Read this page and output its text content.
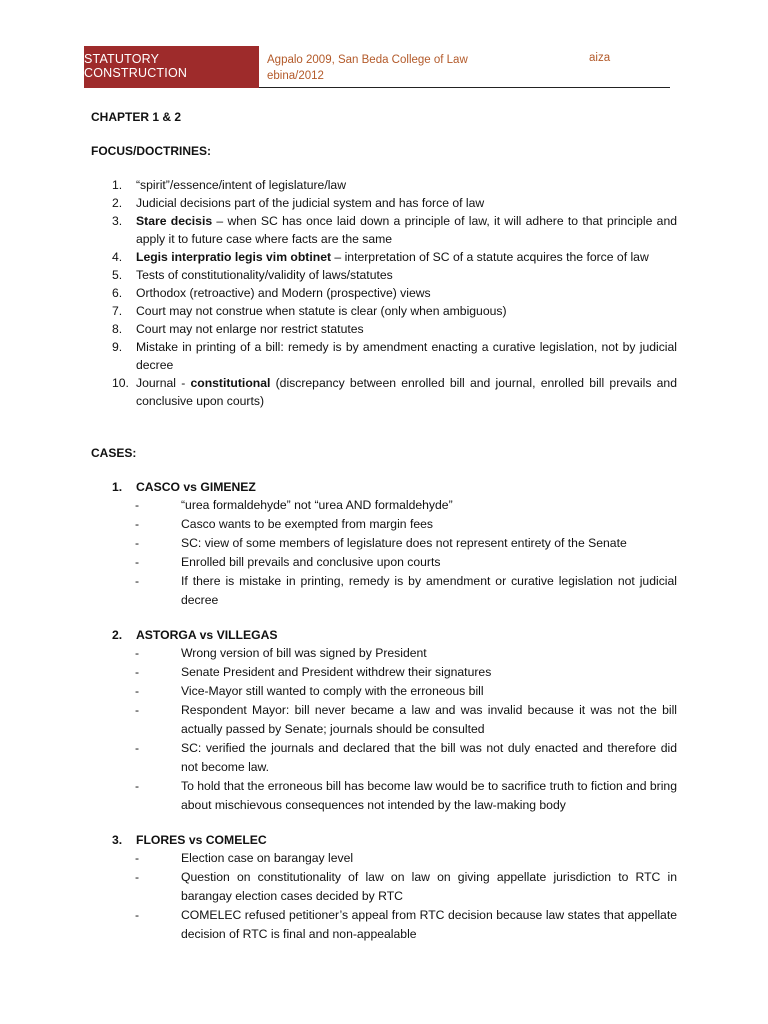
STATUTORY CONSTRUCTION
Agpalo 2009, San Beda College of Law
ebina/2012
aiza
CHAPTER 1 & 2
FOCUS/DOCTRINES:
1.	“spirit”/essence/intent of legislature/law
2.	Judicial decisions part of the judicial system and has force of law
3.	Stare decisis – when SC has once laid down a principle of law, it will adhere to that principle and apply it to future case where facts are the same
4.	Legis interpratio legis vim obtinet – interpretation of SC of a statute acquires the force of law
5.	Tests of constitutionality/validity of laws/statutes
6.	Orthodox (retroactive) and Modern (prospective) views
7.	Court may not construe when statute is clear (only when ambiguous)
8.	Court may not enlarge nor restrict statutes
9.	Mistake in printing of a bill: remedy is by amendment enacting a curative legislation, not by judicial decree
10. Journal - constitutional (discrepancy between enrolled bill and journal, enrolled bill prevails and conclusive upon courts)
CASES:
1. CASCO vs GIMENEZ
-	“urea formaldehyde” not “urea AND formaldehyde”
-	Casco wants to be exempted from margin fees
-	SC: view of some members of legislature does not represent entirety of the Senate
-	Enrolled bill prevails and conclusive upon courts
-	If there is mistake in printing, remedy is by amendment or curative legislation not judicial decree
2. ASTORGA vs VILLEGAS
-	Wrong version of bill was signed by President
-	Senate President and President withdrew their signatures
-	Vice-Mayor still wanted to comply with the erroneous bill
-	Respondent Mayor: bill never became a law and was invalid because it was not the bill actually passed by Senate; journals should be consulted
-	SC: verified the journals and declared that the bill was not duly enacted and therefore did not become law.
-	To hold that the erroneous bill has become law would be to sacrifice truth to fiction and bring about mischievous consequences not intended by the law-making body
3. FLORES vs COMELEC
-	Election case on barangay level
-	Question on constitutionality of law on law on giving appellate jurisdiction to RTC in barangay election cases decided by RTC
-	COMELEC refused petitioner’s appeal from RTC decision because law states that appellate decision of RTC is final and non-appealable
